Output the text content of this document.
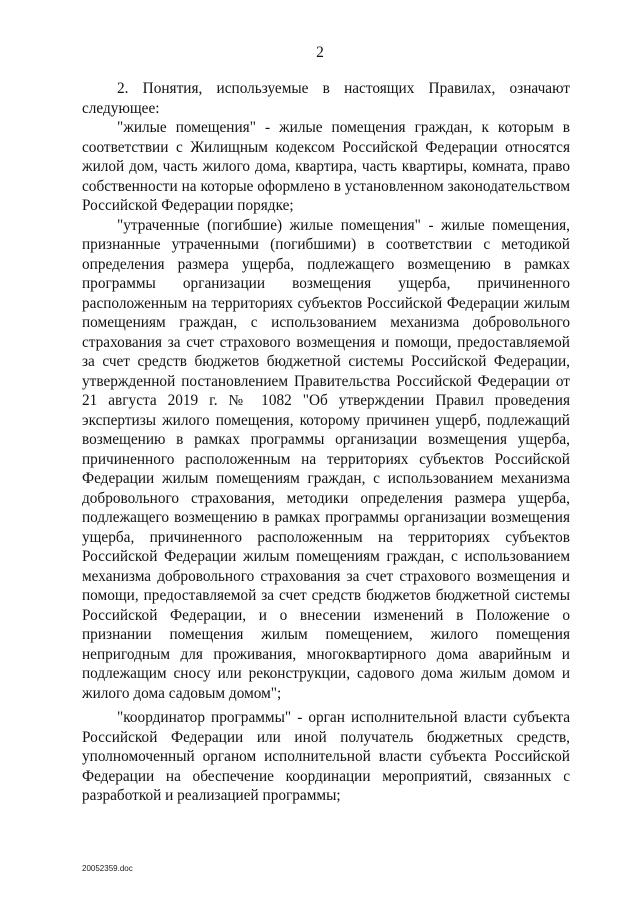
2

2. Понятия, используемые в настоящих Правилах, означают следующее:

"жилые помещения" - жилые помещения граждан, к которым в соответствии с Жилищным кодексом Российской Федерации относятся жилой дом, часть жилого дома, квартира, часть квартиры, комната, право собственности на которые оформлено в установленном законодательством Российской Федерации порядке;

"утраченные (погибшие) жилые помещения" - жилые помещения, признанные утраченными (погибшими) в соответствии с методикой определения размера ущерба, подлежащего возмещению в рамках программы организации возмещения ущерба, причиненного расположенным на территориях субъектов Российской Федерации жилым помещениям граждан, с использованием механизма добровольного страхования за счет страхового возмещения и помощи, предоставляемой за счет средств бюджетов бюджетной системы Российской Федерации, утвержденной постановлением Правительства Российской Федерации от 21 августа 2019 г. № 1082 "Об утверждении Правил проведения экспертизы жилого помещения, которому причинен ущерб, подлежащий возмещению в рамках программы организации возмещения ущерба, причиненного расположенным на территориях субъектов Российской Федерации жилым помещениям граждан, с использованием механизма добровольного страхования, методики определения размера ущерба, подлежащего возмещению в рамках программы организации возмещения ущерба, причиненного расположенным на территориях субъектов Российской Федерации жилым помещениям граждан, с использованием механизма добровольного страхования за счет страхового возмещения и помощи, предоставляемой за счет средств бюджетов бюджетной системы Российской Федерации, и о внесении изменений в Положение о признании помещения жилым помещением, жилого помещения непригодным для проживания, многоквартирного дома аварийным и подлежащим сносу или реконструкции, садового дома жилым домом и жилого дома садовым домом";

"координатор программы" - орган исполнительной власти субъекта Российской Федерации или иной получатель бюджетных средств, уполномоченный органом исполнительной власти субъекта Российской Федерации на обеспечение координации мероприятий, связанных с разработкой и реализацией программы;

20052359.doc
